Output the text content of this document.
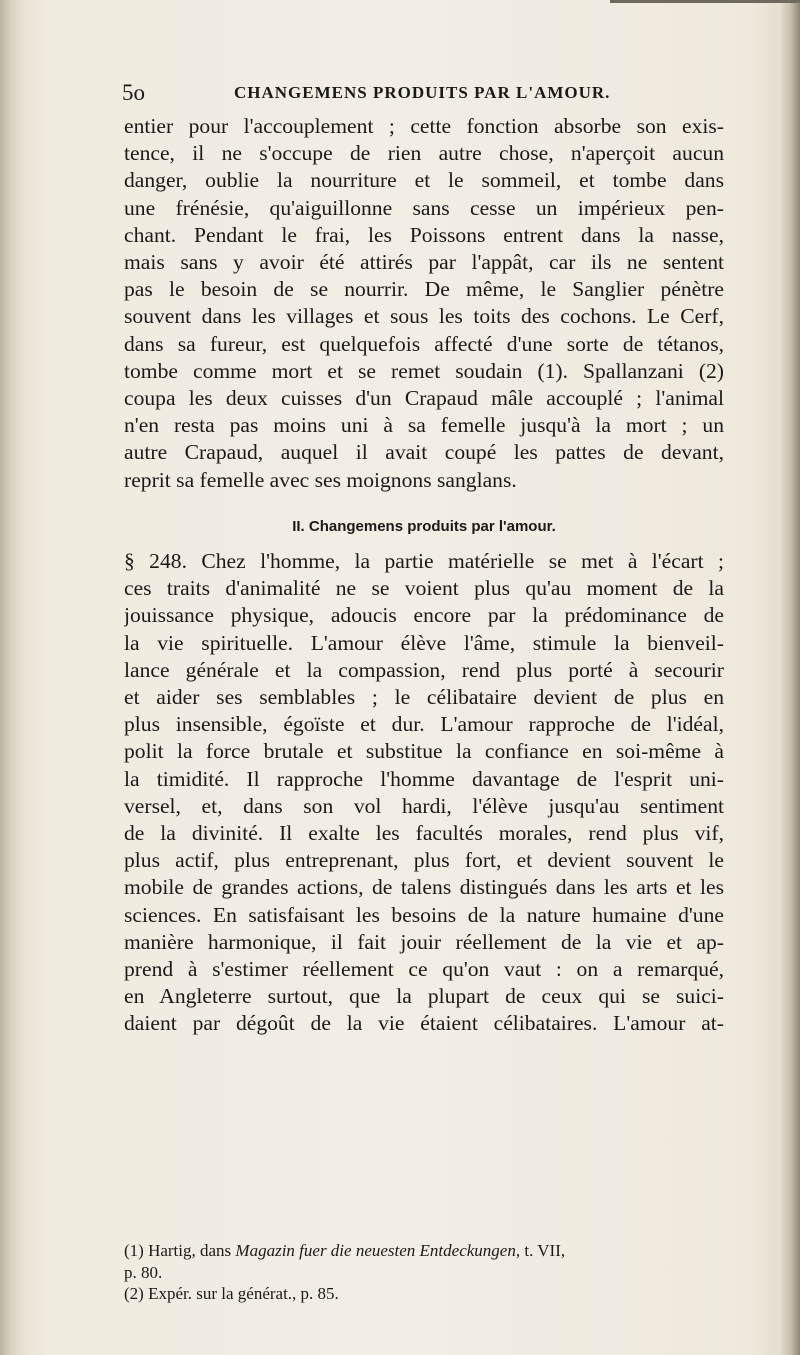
5o	CHANGEMENS PRODUITS PAR L'AMOUR.
entier pour l'accouplement ; cette fonction absorbe son exis-
tence, il ne s'occupe de rien autre chose, n'aperçoit aucun
danger, oublie la nourriture et le sommeil, et tombe dans
une frénésie, qu'aiguillonne sans cesse un impérieux pen-
chant. Pendant le frai, les Poissons entrent dans la nasse,
mais sans y avoir été attirés par l'appât, car ils ne sentent
pas le besoin de se nourrir. De même, le Sanglier pénètre
souvent dans les villages et sous les toits des cochons. Le Cerf,
dans sa fureur, est quelquefois affecté d'une sorte de tétanos,
tombe comme mort et se remet soudain (1). Spallanzani (2)
coupa les deux cuisses d'un Crapaud mâle accouplé ; l'animal
n'en resta pas moins uni à sa femelle jusqu'à la mort ; un
autre Crapaud, auquel il avait coupé les pattes de devant,
reprit sa femelle avec ses moignons sanglans.
II. Changemens produits par l'amour.
§ 248. Chez l'homme, la partie matérielle se met à l'écart ;
ces traits d'animalité ne se voient plus qu'au moment de la
jouissance physique, adoucis encore par la prédominance de
la vie spirituelle. L'amour élève l'âme, stimule la bienveil-
lance générale et la compassion, rend plus porté à secourir
et aider ses semblables ; le célibataire devient de plus en
plus insensible, égoïste et dur. L'amour rapproche de l'idéal,
polit la force brutale et substitue la confiance en soi-même à
la timidité. Il rapproche l'homme davantage de l'esprit uni-
versel, et, dans son vol hardi, l'élève jusqu'au sentiment
de la divinité. Il exalte les facultés morales, rend plus vif,
plus actif, plus entreprenant, plus fort, et devient souvent le
mobile de grandes actions, de talens distingués dans les arts et les
sciences. En satisfaisant les besoins de la nature humaine d'une
manière harmonique, il fait jouir réellement de la vie et ap-
prend à s'estimer réellement ce qu'on vaut : on a remarqué,
en Angleterre surtout, que la plupart de ceux qui se suici-
daient par dégoût de la vie étaient célibataires. L'amour at-
(1) Hartig, dans Magazin fuer die neuesten Entdeckungen, t. VII,
p. 80.
(2) Expér. sur la générat., p. 85.
